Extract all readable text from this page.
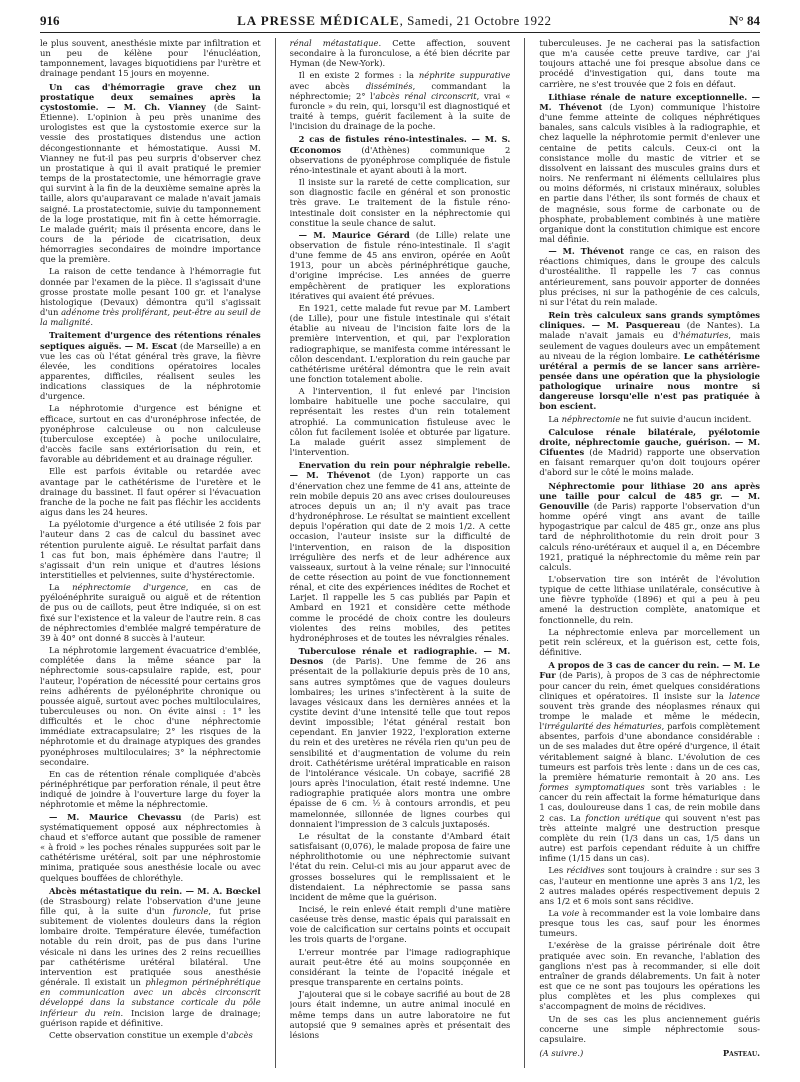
916	LA PRESSE MÉDICALE, Samedi, 21 Octobre 1922	N° 84

le plus souvent, anesthésie mixte par infiltration et un peu de kélène pour l'énucléation, tamponnement, lavages biquotidiens par l'urètre et drainage pendant 15 jours en moyenne.

Un cas d'hémorragie grave chez un prostatique deux semaines après la cystostomie. — M. Ch. Vianney (de Saint-Étienne). L'opinion à peu près unanime des urologistes est que la cystostomie exerce sur la vessie des prostatiques distendus une action décongestionnante et hémostatique. Aussi M. Vianney ne fut-il pas peu surpris d'observer chez un prostatique à qui il avait pratiqué le premier temps de la prostatectomie, une hémorragie grave qui survint à la fin de la deuxième semaine après la taille, alors qu'auparavant ce malade n'avait jamais saigné. La prostatectomie, suivie du tamponnement de la loge prostatique, mit fin à cette hémorragie. Le malade guérit; mais il présenta encore, dans le cours de la période de cicatrisation, deux hémorragies secondaires de moindre importance que la première.

La raison de cette tendance à l'hémorragie fut donnée par l'examen de la pièce. Il s'agissait d'une grosse prostate molle pesant 100 gr. et l'analyse histologique (Devaux) démontra qu'il s'agissait d'un adénome très proliférant, peut-être au seuil de la malignité.

Traitement d'urgence des rétentions rénales septiques aiguës. — M. Escat (de Marseille) a en vue les cas où l'état général très grave, la fièvre élevée, les conditions opératoires locales apparentes, difficiles, réalisent seules les indications classiques de la néphrotomie d'urgence.

La néphrotomie d'urgence est bénigne et efficace, surtout en cas d'uronéphrose infectée, de pyonéphrose calculeuse ou non calculeuse (tuberculose exceptée) à poche uniloculaire, d'accès facile sans extériorisation du rein, et favorable au débridement et au drainage régulier.

Elle est parfois évitable ou retardée avec avantage par le cathétérisme de l'uretère et le drainage du bassinet. Il faut opérer si l'évacuation franche de la poche ne fait pas fléchir les accidents aigus dans les 24 heures.

La pyélotomie d'urgence a été utilisée 2 fois par l'auteur dans 2 cas de calcul du bassinet avec rétention purulente aiguë. Le résultat parfait dans 1 cas fut bon, mais éphémère dans l'autre; il s'agissait d'un rein unique et d'autres lésions interstitielles et pelviennes, suite d'hystérectomie.

La néphrectomie d'urgence, en cas de pyéloénéphrite suraiguë ou aiguë et de rétention de pus ou de caillots, peut être indiquée, si on est fixé sur l'existence et la valeur de l'autre rein. 8 cas de néphrectomies d'emblée malgré température de 39 à 40° ont donné 8 succès à l'auteur.

La néphrotomie largement évacuatrice d'emblée, complétée dans la même séance par la néphrectomie sous-capsulaire rapide, est, pour l'auteur, l'opération de nécessité pour certains gros reins adhérents de pyélonéphrite chronique ou poussée aiguë, surtout avec poches multiloculaires, tuberculeuses ou non. On évite ainsi : 1° les difficultés et le choc d'une néphrectomie immédiate extracapsulaire; 2° les risques de la néphrotomie et du drainage atypiques des grandes pyonéphroses multiloculaires; 3° la néphrectomie secondaire.

En cas de rétention rénale compliquée d'abcès périnéphrétique par perforation rénale, il peut être indiqué de joindre à l'ouverture large du foyer la néphrotomie et même la néphrectomie.

— M. Maurice Chevassu (de Paris) est systématiquement opposé aux néphrectomies à chaud et s'efforce autant que possible de ramener « à froid » les poches rénales suppurées soit par le cathétérisme urétéral, soit par une néphrostomie minima, pratiquée sous anesthésie locale ou avec quelques bouffées de chloréthyle.

Abcès métastatique du rein. — M. A. Bœckel (de Strasbourg) relate l'observation d'une jeune fille qui, à la suite d'un furoncle, fut prise subitement de violentes douleurs dans la région lombaire droite. Température élevée, tuméfaction notable du rein droit, pas de pus dans l'urine vésicale ni dans les urines des 2 reins recueillies par cathétérisme urétéral bilatéral. Une intervention est pratiquée sous anesthésie générale. Il existait un phlegmon périnéphrétique en communication avec un abcès circonscrit développé dans la substance corticale du pôle inférieur du rein. Incision large de drainage; guérison rapide et définitive.

Cette observation constitue un exemple d'abcès

rénal métastatique. Cette affection, souvent secondaire à la furonculose, a été bien décrite par Hyman (de New-York).

Il en existe 2 formes : la néphrite suppurative avec abcès disséminés, commandant la néphrectomie; 2° l'abcès rénal circonscrit, vrai « furoncle » du rein, qui, lorsqu'il est diagnostiqué et traité à temps, guérit facilement à la suite de l'incision du drainage de la poche.

2 cas de fistules réno-intestinales. — M. S. Œconomos (d'Athènes) communique 2 observations de pyonéphrose compliquée de fistule réno-intestinale et ayant abouti à la mort.

Il insiste sur la rareté de cette complication, sur son diagnostic facile en général et son pronostic très grave. Le traitement de la fistule réno-intestinale doit consister en la néphrectomie qui constitue la seule chance de salut.

— M. Maurice Gérard (de Lille) relate une observation de fistule réno-intestinale. Il s'agit d'une femme de 45 ans environ, opérée en Août 1913, pour un abcès périnéphrétique gauche, d'origine imprécise. Les années de guerre empêchèrent de pratiquer les explorations itératives qui avaient été prévues.

En 1921, cette malade fut revue par M. Lambert (de Lille), pour une fistule intestinale qui s'était établie au niveau de l'incision faite lors de la première intervention, et qui, par l'exploration radiographique, se manifesta comme intéressant le côlon descendant. L'exploration du rein gauche par cathétérisme urétéral démontra que le rein avait une fonction totalement abolie.

A l'intervention, il fut enlevé par l'incision lombaire habituelle une poche sacculaire, qui représentait les restes d'un rein totalement atrophié. La communication fistuleuse avec le côlon fut facilement isolée et obturée par ligature. La malade guérit assez simplement de l'intervention.

Enervation du rein pour néphralgie rebelle. — M. Thévenot (de Lyon) rapporte un cas d'énervation chez une femme de 41 ans, atteinte de rein mobile depuis 20 ans avec crises douloureuses atroces depuis un an; il n'y avait pas trace d'hydronéphrose. Le résultat se maintient excellent depuis l'opération qui date de 2 mois 1/2. A cette occasion, l'auteur insiste sur la difficulté de l'intervention, en raison de la disposition irrégulière des nerfs et de leur adhérence aux vaisseaux, surtout à la veine rénale; sur l'innocuité de cette résection au point de vue fonctionnement rénal, et cite des expériences inédites de Rochet et Larjet. Il rappelle les 5 cas publiés par Papin et Ambard en 1921 et considère cette méthode comme le procédé de choix contre les douleurs violentes des reins mobiles, des petites hydronéphroses et de toutes les névralgies rénales.

Tuberculose rénale et radiographie. — M. Desnos (de Paris). Une femme de 26 ans présentait de la pollakiurie depuis près de 10 ans, sans autres symptômes que de vagues douleurs lombaires; les urines s'infectèrent à la suite de lavages vésicaux dans les dernières années et la cystite devint d'une intensité telle que tout repos devint impossible; l'état général restait bon cependant. En janvier 1922, l'exploration externe du rein et des uretères ne révéla rien qu'un peu de sensibilité et d'augmentation de volume du rein droit. Cathétérisme urétéral impraticable en raison de l'intolérance vésicale. Un cobaye, sacrifié 28 jours après l'inoculation, était resté indemne. Une radiographie pratiquée alors montra une ombre épaisse de 6 cm. ½ à contours arrondis, et peu mamelonnée, sillonnée de lignes courbes qui donnaient l'impression de 3 calculs juxtaposés.

Le résultat de la constante d'Ambard était satisfaisant (0,076), le malade proposa de faire une néphrolithotomie ou une néphrectomie suivant l'état du rein. Celui-ci mis au jour apparut avec de grosses bosselures qui le remplissaient et le distendaient. La néphrectomie se passa sans incident de même que la guérison.

Incisé, le rein enlevé était rempli d'une matière caséeuse très dense, mastic épais qui paraissait en voie de calcification sur certains points et occupait les trois quarts de l'organe.

L'erreur montrée par l'image radiographique aurait peut-être été au moins soupçonnée en considérant la teinte de l'opacité inégale et presque transparente en certains points.

J'ajouterai que si le cobaye sacrifié au bout de 28 jours était indemne, un autre animal inoculé en même temps dans un autre laboratoire ne fut autopsié que 9 semaines après et présentait des lésions

tuberculeuses. Je ne cacherai pas la satisfaction que m'a causée cette preuve tardive, car j'ai toujours attaché une foi presque absolue dans ce procédé d'investigation qui, dans toute ma carrière, ne s'est trouvée que 2 fois en défaut.

Lithiase rénale de nature exceptionnelle. — M. Thévenot (de Lyon) communique l'histoire d'une femme atteinte de coliques néphrétiques banales, sans calculs visibles à la radiographie, et chez laquelle la néphrotomie permit d'enlever une centaine de petits calculs. Ceux-ci ont la consistance molle du mastic de vitrier et se dissolvent en laissant des muscules grains durs et noirs. Ne renfermant ni éléments cellulaires plus ou moins déformés, ni cristaux minéraux, solubles en partie dans l'éther, ils sont formés de chaux et de magnésie, sous forme de carbonate ou de phosphate, probablement combinés à une matière organique dont la constitution chimique est encore mal définie.

— M. Thévenot range ce cas, en raison des réactions chimiques, dans le groupe des calculs d'urostéalithe. Il rappelle les 7 cas connus antérieurement, sans pouvoir apporter de données plus précises, ni sur la pathogénie de ces calculs, ni sur l'état du rein malade.

Rein très calculeux sans grands symptômes cliniques. — M. Pasquereau (de Nantes). La malade n'avait jamais eu d'hématuries, mais seulement de vagues douleurs avec un empâtement au niveau de la région lombaire. Le cathétérisme urétéral a permis de se lancer sans arrière-pensée dans une opération que la physiologie pathologique urinaire nous montre si dangereuse lorsqu'elle n'est pas pratiquée à bon escient.

La néphrectomie ne fut suivie d'aucun incident.

Calculose rénale bilatérale, pyélotomie droite, néphrectomie gauche, guérison. — M. Cifuentes (de Madrid) rapporte une observation en faisant remarquer qu'on doit toujours opérer d'abord sur le côté le moins malade.

Néphrectomie pour lithiase 20 ans après une taille pour calcul de 485 gr. — M. Genouville (de Paris) rapporte l'observation d'un homme opéré vingt ans avant de taille hypogastrique par calcul de 485 gr., onze ans plus tard de néphrolithotomie du rein droit pour 3 calculs réno-urétéraux et auquel il a, en Décembre 1921, pratiqué la néphrectomie du même rein par calculs.

L'observation tire son intérêt de l'évolution typique de cette lithiase unilatérale, consécutive à une fièvre typhoïde (1896) et qui a peu à peu amené la destruction complète, anatomique et fonctionnelle, du rein.

La néphrectomie enleva par morcellement un petit rein scléreux, et la guérison est, cette fois, définitive.

A propos de 3 cas de cancer du rein. — M. Le Fur (de Paris), à propos de 3 cas de néphrectomie pour cancer du rein, émet quelques considérations cliniques et opératoires. Il insiste sur la latence souvent très grande des néoplasmes rénaux qui trompe le malade et même le médecin, l'irrégularité des hématuries, parfois complètement absentes, parfois d'une abondance considérable : un de ses malades dut être opéré d'urgence, il était véritablement saigné à blanc. L'évolution de ces tumeurs est parfois très lente : dans un de ces cas, la première hématurie remontait à 20 ans. Les formes symptomatiques sont très variables : le cancer du rein affectait la forme hématurique dans 1 cas, douloureuse dans 1 cas, de rein mobile dans 2 cas. La fonction urétique qui souvent n'est pas très atteinte malgré une destruction presque complète du rein (1/3 dans un cas, 1/5 dans un autre) est parfois cependant réduite à un chiffre infime (1/15 dans un cas).

Les récidives sont toujours à craindre : sur ses 3 cas, l'auteur en mentionne une après 3 ans 1/2, les 2 autres malades opérés respectivement depuis 2 ans 1/2 et 6 mois sont sans récidive.

La voie à recommander est la voie lombaire dans presque tous les cas, sauf pour les énormes tumeurs.

L'exérèse de la graisse périrénale doit être pratiquée avec soin. En revanche, l'ablation des ganglions n'est pas à recommander, si elle doit entraîner de grands délabrements. Un fait à noter est que ce ne sont pas toujours les opérations les plus complètes et les plus complexes qui s'accompagnent de moins de récidives.

Un de ses cas les plus anciennement guéris concerne une simple néphrectomie sous-capsulaire.

(A suivre.)	Pasteau.
